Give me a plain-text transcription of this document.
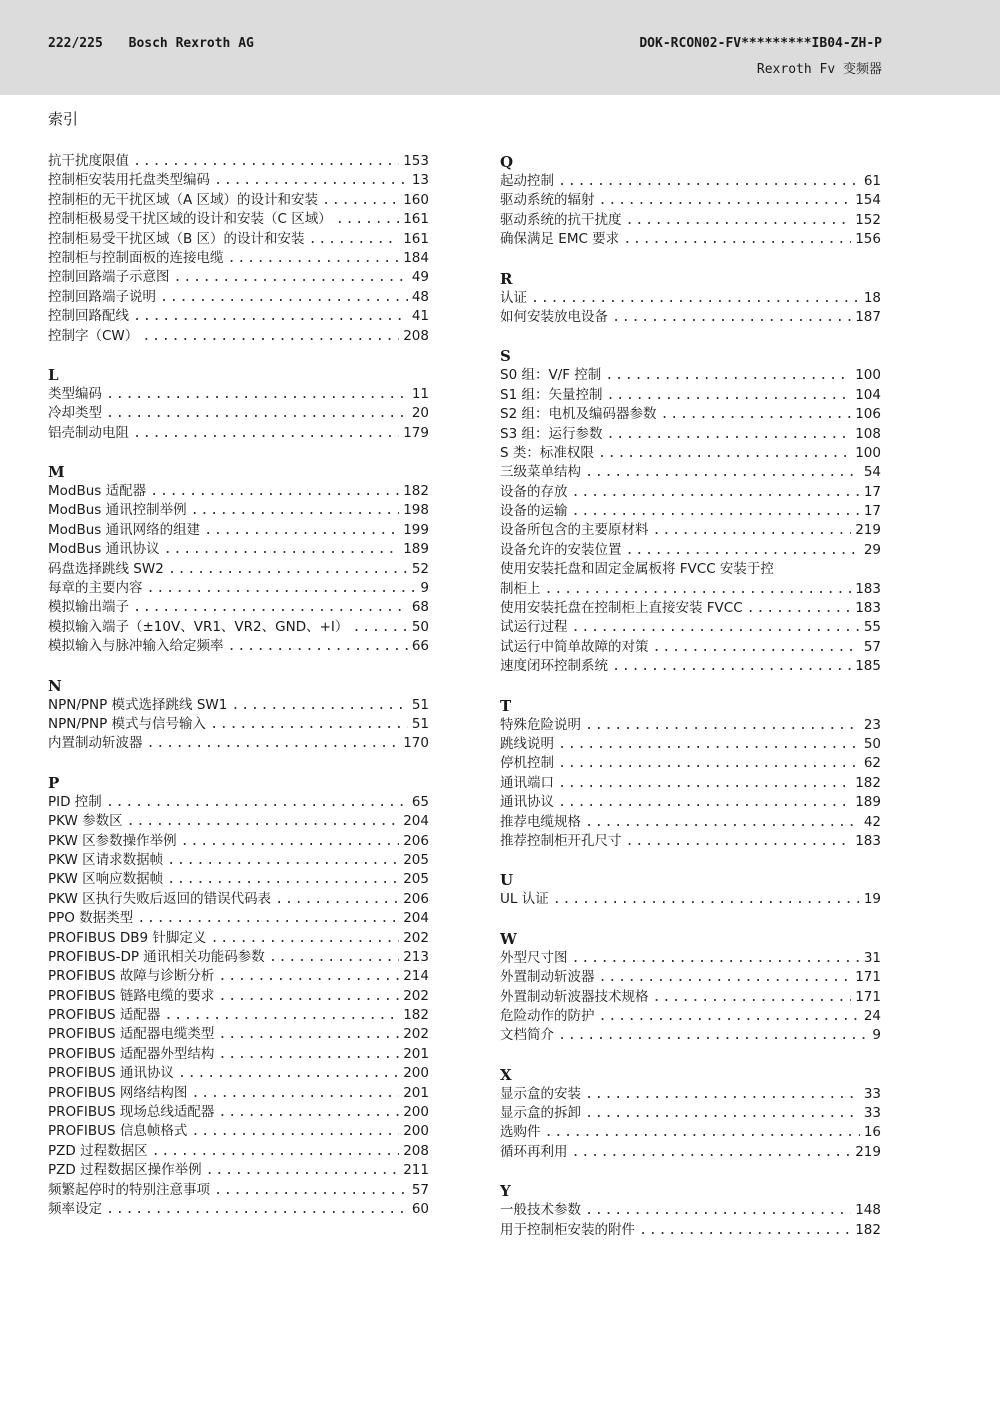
222/225 Bosch Rexroth AG	DOK-RCON02-FV*********IB04-ZH-P
Rexroth Fv 变频器
索引
抗干扰度限值 .....	153
控制柜安装用托盘类型编码 .....	13
控制柜的无干扰区域（A 区域）的设计和安装 .....	160
控制柜极易受干扰区域的设计和安装（C 区域） .....	161
控制柜易受干扰区域（B 区）的设计和安装 .....	161
控制柜与控制面板的连接电缆 .....	184
控制回路端子示意图 .....	49
控制回路端子说明 .....	48
控制回路配线 .....	41
控制字（CW） .....	208
L
类型编码 .....	11
冷却类型 .....	20
铝壳制动电阻 .....	179
M
ModBus 适配器 .....	182
ModBus 通讯控制举例 .....	198
ModBus 通讯网络的组建 .....	199
ModBus 通讯协议 .....	189
码盘选择跳线 SW2 .....	52
每章的主要内容 .....	9
模拟输出端子 .....	68
模拟输入端子（±10V、VR1、VR2、GND、+I） .....	50
模拟输入与脉冲输入给定频率 .....	66
N
NPN/PNP 模式选择跳线 SW1 .....	51
NPN/PNP 模式与信号输入 .....	51
内置制动斩波器 .....	170
P
PID 控制 .....	65
PKW 参数区 .....	204
PKW 区参数操作举例 .....	206
PKW 区请求数据帧 .....	205
PKW 区响应数据帧 .....	205
PKW 区执行失败后返回的错误代码表 .....	206
PPO 数据类型 .....	204
PROFIBUS DB9 针脚定义 .....	202
PROFIBUS-DP 通讯相关功能码参数 .....	213
PROFIBUS 故障与诊断分析 .....	214
PROFIBUS 链路电缆的要求 .....	202
PROFIBUS 适配器 .....	182
PROFIBUS 适配器电缆类型 .....	202
PROFIBUS 适配器外型结构 .....	201
PROFIBUS 通讯协议 .....	200
PROFIBUS 网络结构图 .....	201
PROFIBUS 现场总线适配器 .....	200
PROFIBUS 信息帧格式 .....	200
PZD 过程数据区 .....	208
PZD 过程数据区操作举例 .....	211
频繁起停时的特别注意事项 .....	57
频率设定 .....	60
Q
起动控制 .....	61
驱动系统的辐射 .....	154
驱动系统的抗干扰度 .....	152
确保满足 EMC 要求 .....	156
R
认证 .....	18
如何安装放电设备 .....	187
S
S0 组：V/F 控制 .....	100
S1 组：矢量控制 .....	104
S2 组：电机及编码器参数 .....	106
S3 组：运行参数 .....	108
S 类：标准权限 .....	100
三级菜单结构 .....	54
设备的存放 .....	17
设备的运输 .....	17
设备所包含的主要原材料 .....	219
设备允许的安装位置 .....	29
使用安装托盘和固定金属板将 FVCC 安装于控
制柜上 .....	183
使用安装托盘在控制柜上直接安装 FVCC .....	183
试运行过程 .....	55
试运行中简单故障的对策 .....	57
速度闭环控制系统 .....	185
T
特殊危险说明 .....	23
跳线说明 .....	50
停机控制 .....	62
通讯端口 .....	182
通讯协议 .....	189
推荐电缆规格 .....	42
推荐控制柜开孔尺寸 .....	183
U
UL 认证 .....	19
W
外型尺寸图 .....	31
外置制动斩波器 .....	171
外置制动斩波器技术规格 .....	171
危险动作的防护 .....	24
文档简介 .....	9
X
显示盒的安装 .....	33
显示盒的拆卸 .....	33
选购件 .....	16
循环再利用 .....	219
Y
一般技术参数 .....	148
用于控制柜安装的附件 .....	182
